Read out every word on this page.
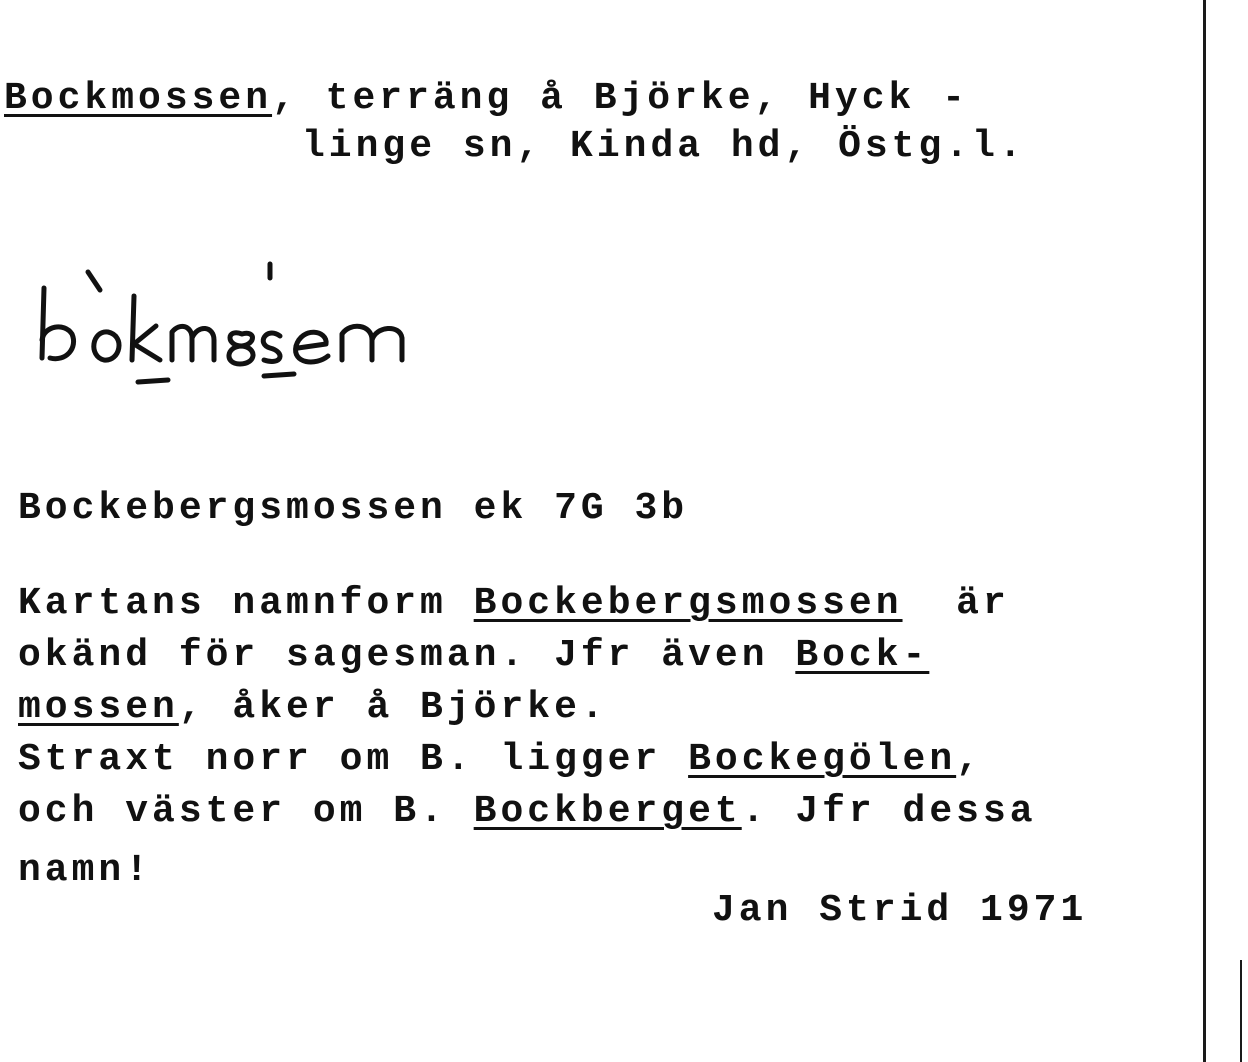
Bockmossen, terräng å Björke, Hyck -
linge sn, Kinda hd, Östg.l.
Bockebergsmossen ek 7G 3b
Kartans namnform Bockebergsmossen  är
okänd för sagesman. Jfr även Bock-
mossen, åker å Björke.
Straxt norr om B. ligger Bockegölen,
och väster om B. Bockberget. Jfr dessa
namn!
Jan Strid 1971
